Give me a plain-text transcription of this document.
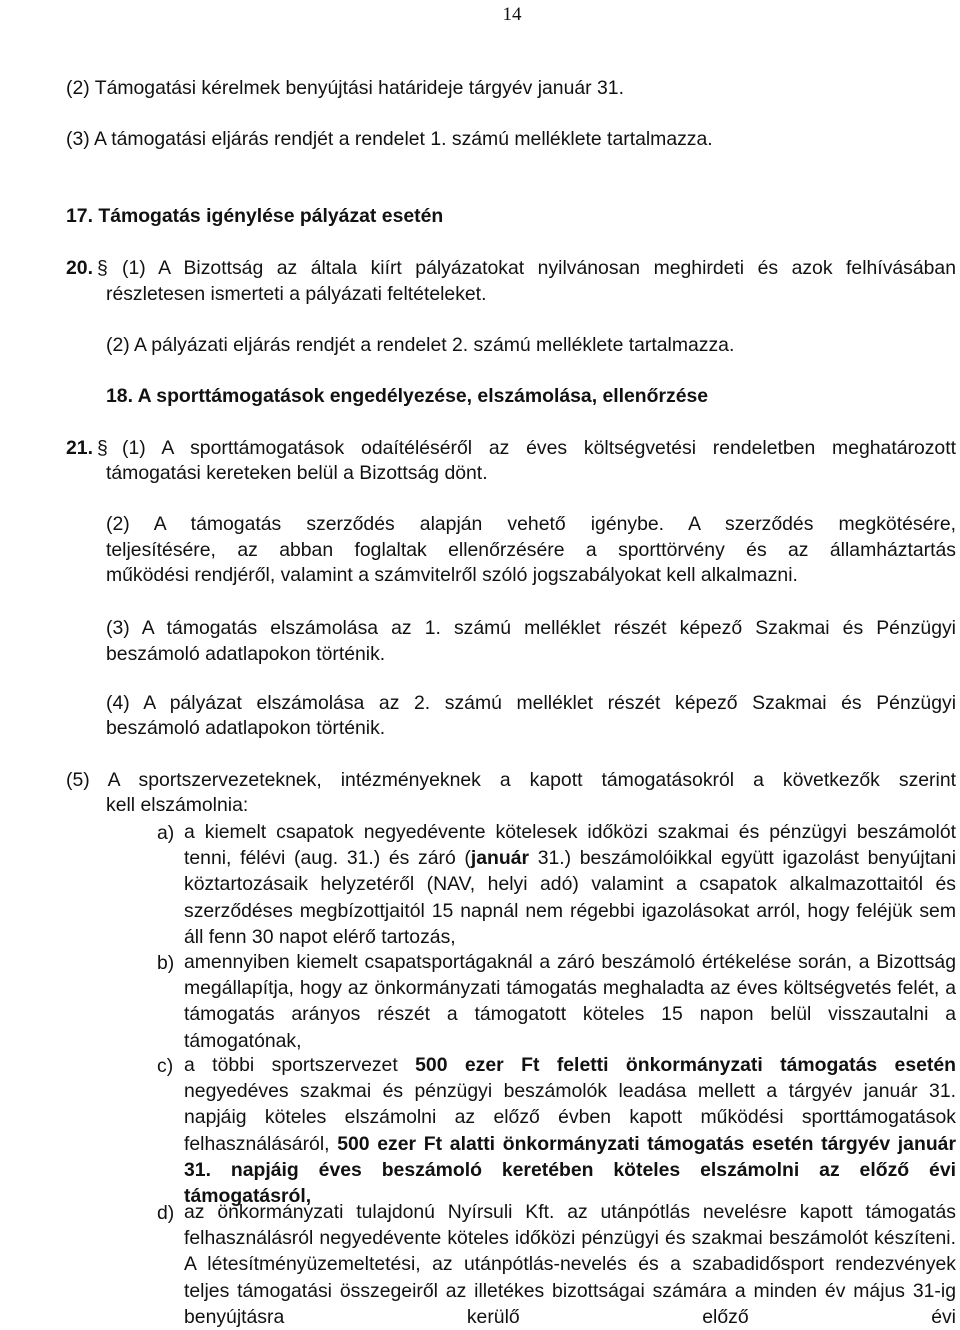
14
(2) Támogatási kérelmek benyújtási határideje tárgyév január 31.
(3) A támogatási eljárás rendjét a rendelet 1. számú melléklete tartalmazza.
17. Támogatás igénylése pályázat esetén
20. § (1) A Bizottság az általa kiírt pályázatokat nyilvánosan meghirdeti és azok felhívásában
részletesen ismerteti a pályázati feltételeket.
(2) A pályázati eljárás rendjét a rendelet 2. számú melléklete tartalmazza.
18. A sporttámogatások engedélyezése, elszámolása, ellenőrzése
21. § (1) A sporttámogatások odaítéléséről az éves költségvetési rendeletben meghatározott
támogatási kereteken belül a Bizottság dönt.
(2) A támogatás szerződés alapján vehető igénybe. A szerződés megkötésére,
teljesítésére, az abban foglaltak ellenőrzésére a sporttörvény és az államháztartás
működési rendjéről, valamint a számvitelről szóló jogszabályokat kell alkalmazni.
(3) A támogatás elszámolása az 1. számú melléklet részét képező Szakmai és Pénzügyi
beszámoló adatlapokon történik.
(4) A pályázat elszámolása az 2. számú melléklet részét képező Szakmai és Pénzügyi
beszámoló adatlapokon történik.
(5) A sportszervezeteknek, intézményeknek a kapott támogatásokról a következők szerint
kell elszámolnia:
a) a kiemelt csapatok negyedévente kötelesek időközi szakmai és pénzügyi beszámolót tenni, félévi (aug. 31.) és záró (január 31.) beszámolóikkal együtt igazolást benyújtani köztartozásaik helyzetéről (NAV, helyi adó) valamint a csapatok alkalmazottaitól és szerződéses megbízottjaitól 15 napnál nem régebbi igazolásokat arról, hogy feléjük sem áll fenn 30 napot elérő tartozás,
b) amennyiben kiemelt csapatsportágaknál a záró beszámoló értékelése során, a Bizottság megállapítja, hogy az önkormányzati támogatás meghaladta az éves költségvetés felét, a támogatás arányos részét a támogatott köteles 15 napon belül visszautalni a támogatónak,
c) a többi sportszervezet 500 ezer Ft feletti önkormányzati támogatás esetén negyedéves szakmai és pénzügyi beszámolók leadása mellett a tárgyév január 31. napjáig köteles elszámolni az előző évben kapott működési sporttámogatások felhasználásáról, 500 ezer Ft alatti önkormányzati támogatás esetén tárgyév január 31. napjáig éves beszámoló keretében köteles elszámolni az előző évi támogatásról,
d) az önkormányzati tulajdonú Nyírsuli Kft. az utánpótlás nevelésre kapott támogatás felhasználásról negyedévente köteles időközi pénzügyi és szakmai beszámolót készíteni. A létesítményüzemeltetési, az utánpótlás-nevelés és a szabadidősport rendezvények teljes támogatási összegeiről az illetékes bizottságai számára a minden év május 31-ig benyújtásra kerülő előző évi
